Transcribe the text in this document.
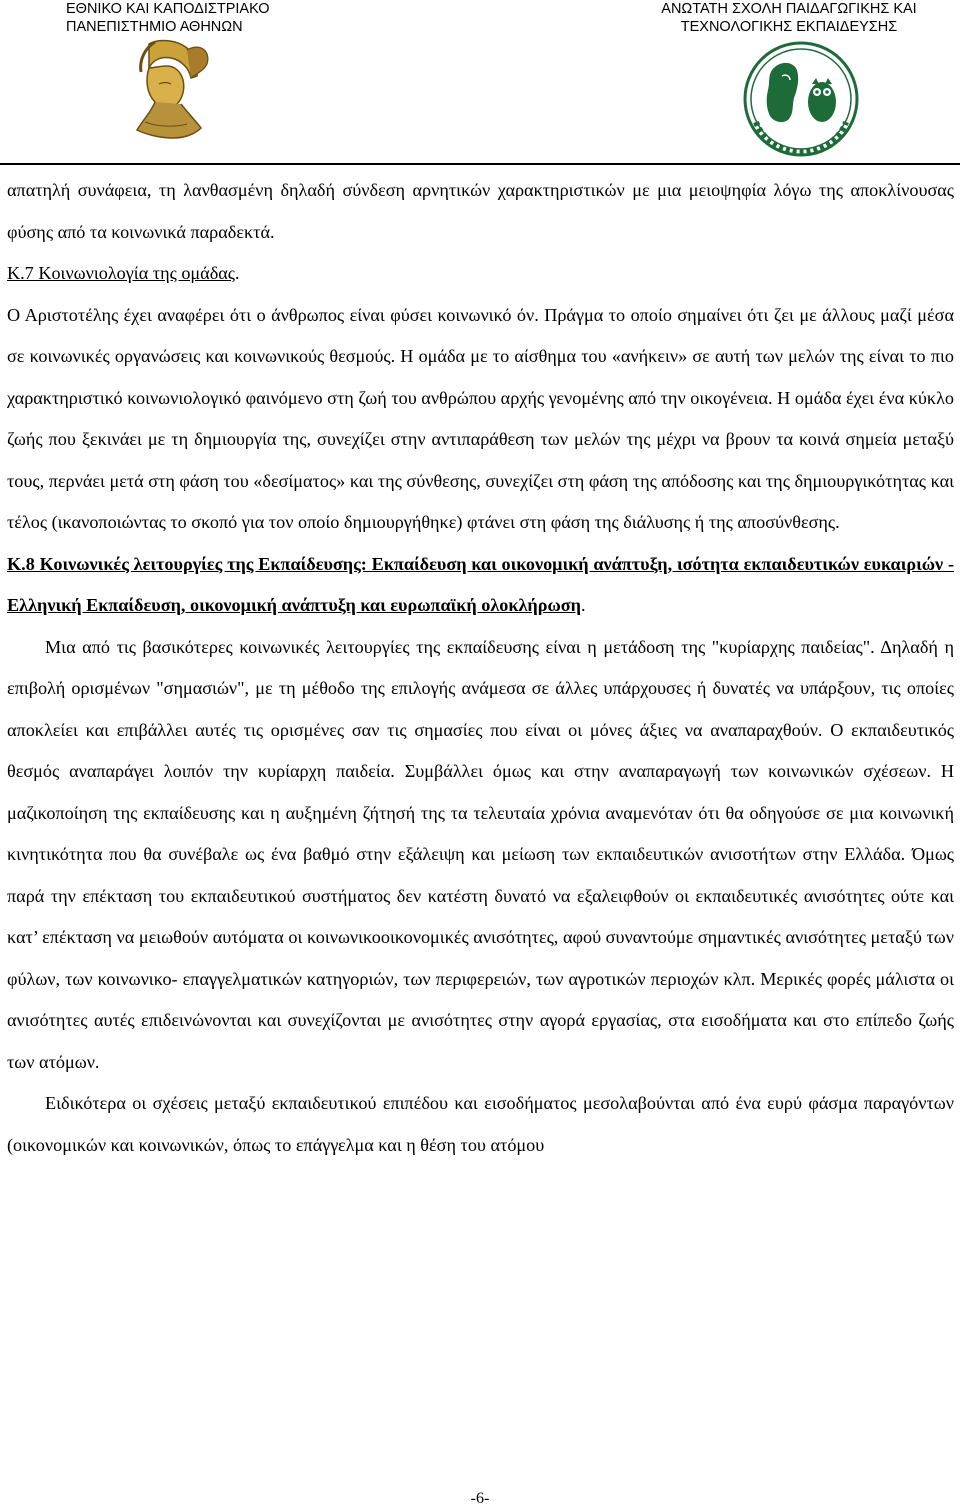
ΕΘΝΙΚΟ ΚΑΙ ΚΑΠΟΔΙΣΤΡΙΑΚΟ
ΠΑΝΕΠΙΣΤΗΜΙΟ ΑΘΗΝΩΝ
ΑΝΩΤΑΤΗ ΣΧΟΛΗ ΠΑΙΔΑΓΩΓΙΚΗΣ ΚΑΙ
ΤΕΧΝΟΛΟΓΙΚΗΣ ΕΚΠΑΙΔΕΥΣΗΣ

απατηλή συνάφεια, τη λανθασμένη δηλαδή σύνδεση αρνητικών χαρακτηριστικών με μια μειοψηφία λόγω της αποκλίνουσας φύσης από τα κοινωνικά παραδεκτά.

Κ.7 Κοινωνιολογία της ομάδας.

Ο Αριστοτέλης έχει αναφέρει ότι ο άνθρωπος είναι φύσει κοινωνικό όν. Πράγμα το οποίο σημαίνει ότι ζει με άλλους μαζί μέσα σε κοινωνικές οργανώσεις και κοινωνικούς θεσμούς. Η ομάδα με το αίσθημα του «ανήκειν» σε αυτή των μελών της είναι το πιο χαρακτηριστικό κοινωνιολογικό φαινόμενο στη ζωή του ανθρώπου αρχής γενομένης από την οικογένεια. Η ομάδα έχει ένα κύκλο ζωής που ξεκινάει με τη δημιουργία της, συνεχίζει στην αντιπαράθεση των μελών της μέχρι να βρουν τα κοινά σημεία μεταξύ τους, περνάει μετά στη φάση του «δεσίματος» και της σύνθεσης, συνεχίζει στη φάση της απόδοσης και της δημιουργικότητας και τέλος (ικανοποιώντας το σκοπό για τον οποίο δημιουργήθηκε) φτάνει στη φάση της διάλυσης ή της αποσύνθεσης.

Κ.8 Κοινωνικές λειτουργίες της Εκπαίδευσης: Εκπαίδευση και οικονομική ανάπτυξη, ισότητα εκπαιδευτικών ευκαιριών - Ελληνική Εκπαίδευση, οικονομική ανάπτυξη και ευρωπαϊκή ολοκλήρωση.

Μια από τις βασικότερες κοινωνικές λειτουργίες της εκπαίδευσης είναι η μετάδοση της "κυρίαρχης παιδείας". Δηλαδή η επιβολή ορισμένων "σημασιών", με τη μέθοδο της επιλογής ανάμεσα σε άλλες υπάρχουσες ή δυνατές να υπάρξουν, τις οποίες αποκλείει και επιβάλλει αυτές τις ορισμένες σαν τις σημασίες που είναι οι μόνες άξιες να αναπαραχθούν. Ο εκπαιδευτικός θεσμός αναπαράγει λοιπόν την κυρίαρχη παιδεία. Συμβάλλει όμως και στην αναπαραγωγή των κοινωνικών σχέσεων. Η μαζικοποίηση της εκπαίδευσης και η αυξημένη ζήτησή της τα τελευταία χρόνια αναμενόταν ότι θα οδηγούσε σε μια κοινωνική κινητικότητα που θα συνέβαλε ως ένα βαθμό στην εξάλειψη και μείωση των εκπαιδευτικών ανισοτήτων στην Ελλάδα. Όμως παρά την επέκταση του εκπαιδευτικού συστήματος δεν κατέστη δυνατό να εξαλειφθούν οι εκπαιδευτικές ανισότητες ούτε και κατ’ επέκταση να μειωθούν αυτόματα οι κοινωνικοοικονομικές ανισότητες, αφού συναντούμε σημαντικές ανισότητες μεταξύ των φύλων, των κοινωνικο- επαγγελματικών κατηγοριών, των περιφερειών, των αγροτικών περιοχών κλπ. Μερικές φορές μάλιστα οι ανισότητες αυτές επιδεινώνονται και συνεχίζονται με ανισότητες στην αγορά εργασίας, στα εισοδήματα και στο επίπεδο ζωής των ατόμων.

Ειδικότερα οι σχέσεις μεταξύ εκπαιδευτικού επιπέδου και εισοδήματος μεσολαβούνται από ένα ευρύ φάσμα παραγόντων (οικονομικών και κοινωνικών, όπως το επάγγελμα και η θέση του ατόμου

-6-
